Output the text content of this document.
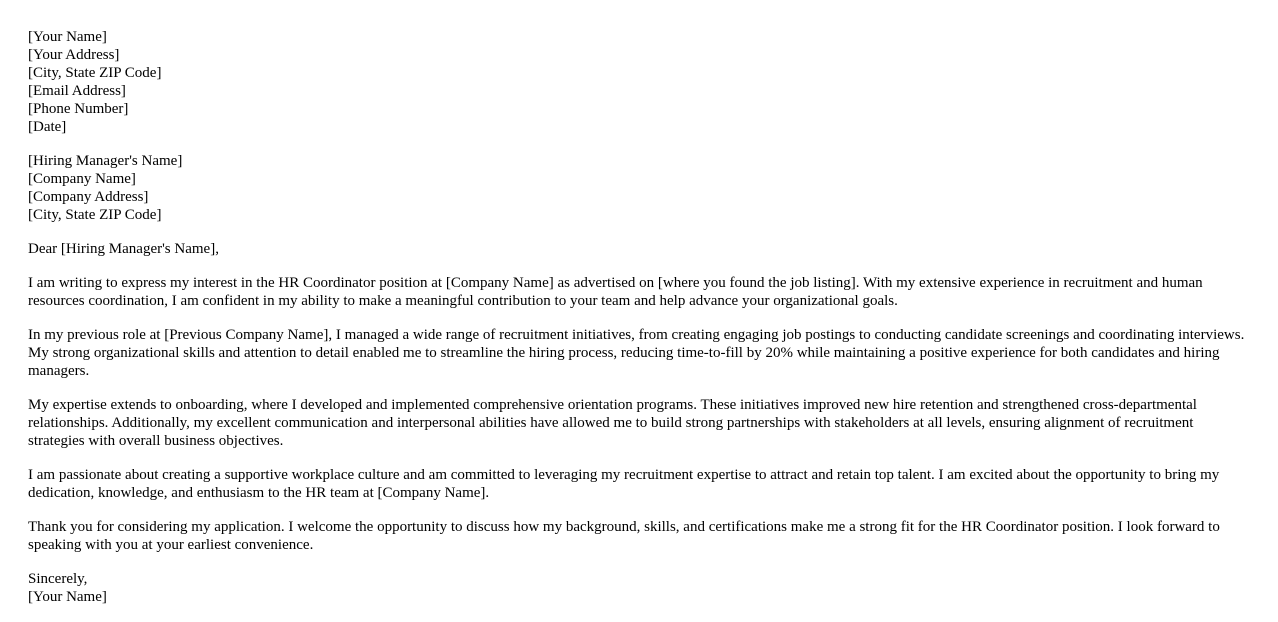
[Your Name]
[Your Address]
[City, State ZIP Code]
[Email Address]
[Phone Number]
[Date]
[Hiring Manager's Name]
[Company Name]
[Company Address]
[City, State ZIP Code]

Dear [Hiring Manager's Name],

I am writing to express my interest in the HR Coordinator position at [Company Name] as advertised on [where you found the job listing]. With my extensive experience in recruitment and human resources coordination, I am confident in my ability to make a meaningful contribution to your team and help advance your organizational goals.

In my previous role at [Previous Company Name], I managed a wide range of recruitment initiatives, from creating engaging job postings to conducting candidate screenings and coordinating interviews. My strong organizational skills and attention to detail enabled me to streamline the hiring process, reducing time-to-fill by 20% while maintaining a positive experience for both candidates and hiring managers.

My expertise extends to onboarding, where I developed and implemented comprehensive orientation programs. These initiatives improved new hire retention and strengthened cross-departmental relationships. Additionally, my excellent communication and interpersonal abilities have allowed me to build strong partnerships with stakeholders at all levels, ensuring alignment of recruitment strategies with overall business objectives.

I am passionate about creating a supportive workplace culture and am committed to leveraging my recruitment expertise to attract and retain top talent. I am excited about the opportunity to bring my dedication, knowledge, and enthusiasm to the HR team at [Company Name].

Thank you for considering my application. I welcome the opportunity to discuss how my background, skills, and certifications make me a strong fit for the HR Coordinator position. I look forward to speaking with you at your earliest convenience.

Sincerely,
[Your Name]
